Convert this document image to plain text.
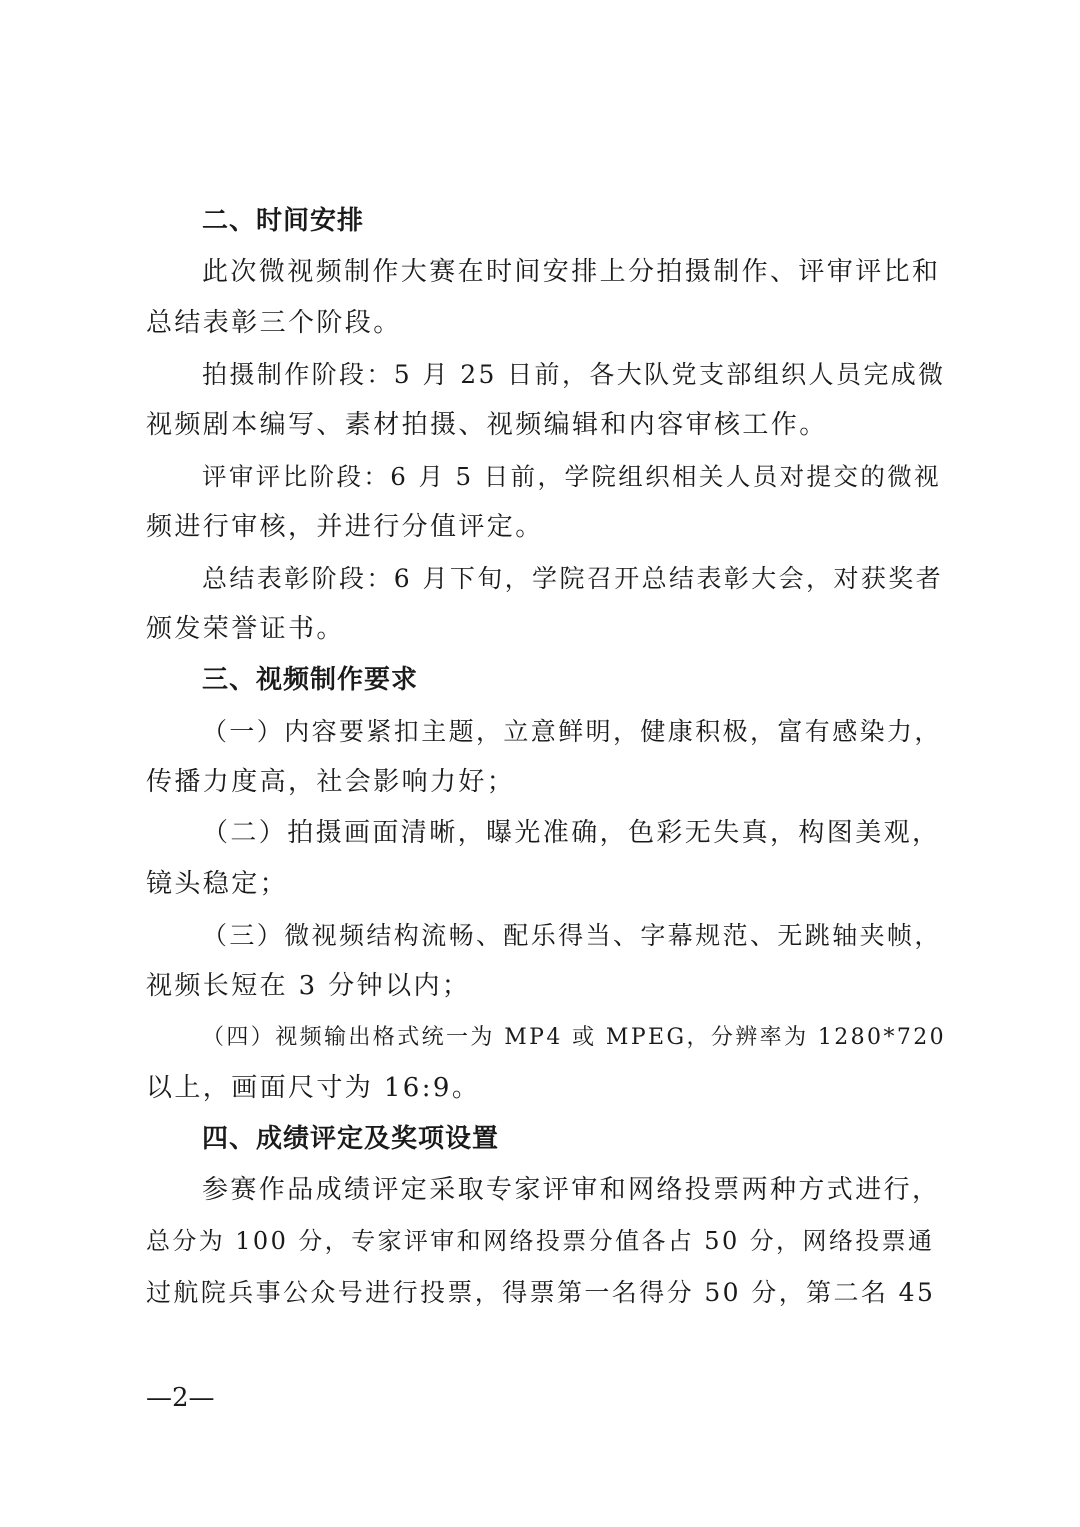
二、时间安排
此次微视频制作大赛在时间安排上分拍摄制作、评审评比和
总结表彰三个阶段。
拍摄制作阶段：5 月 25 日前，各大队党支部组织人员完成微
视频剧本编写、素材拍摄、视频编辑和内容审核工作。
评审评比阶段：6 月 5 日前，学院组织相关人员对提交的微视
频进行审核，并进行分值评定。
总结表彰阶段：6 月下旬，学院召开总结表彰大会，对获奖者
颁发荣誉证书。
三、视频制作要求
（一）内容要紧扣主题，立意鲜明，健康积极，富有感染力，
传播力度高，社会影响力好；
（二）拍摄画面清晰，曝光准确，色彩无失真，构图美观，
镜头稳定；
（三）微视频结构流畅、配乐得当、字幕规范、无跳轴夹帧，
视频长短在 3 分钟以内；
（四）视频输出格式统一为 MP4 或 MPEG，分辨率为 1280*720
以上，画面尺寸为 16:9。
四、成绩评定及奖项设置
参赛作品成绩评定采取专家评审和网络投票两种方式进行，
总分为 100 分，专家评审和网络投票分值各占 50 分，网络投票通
过航院兵事公众号进行投票，得票第一名得分 50 分，第二名 45
—2—
